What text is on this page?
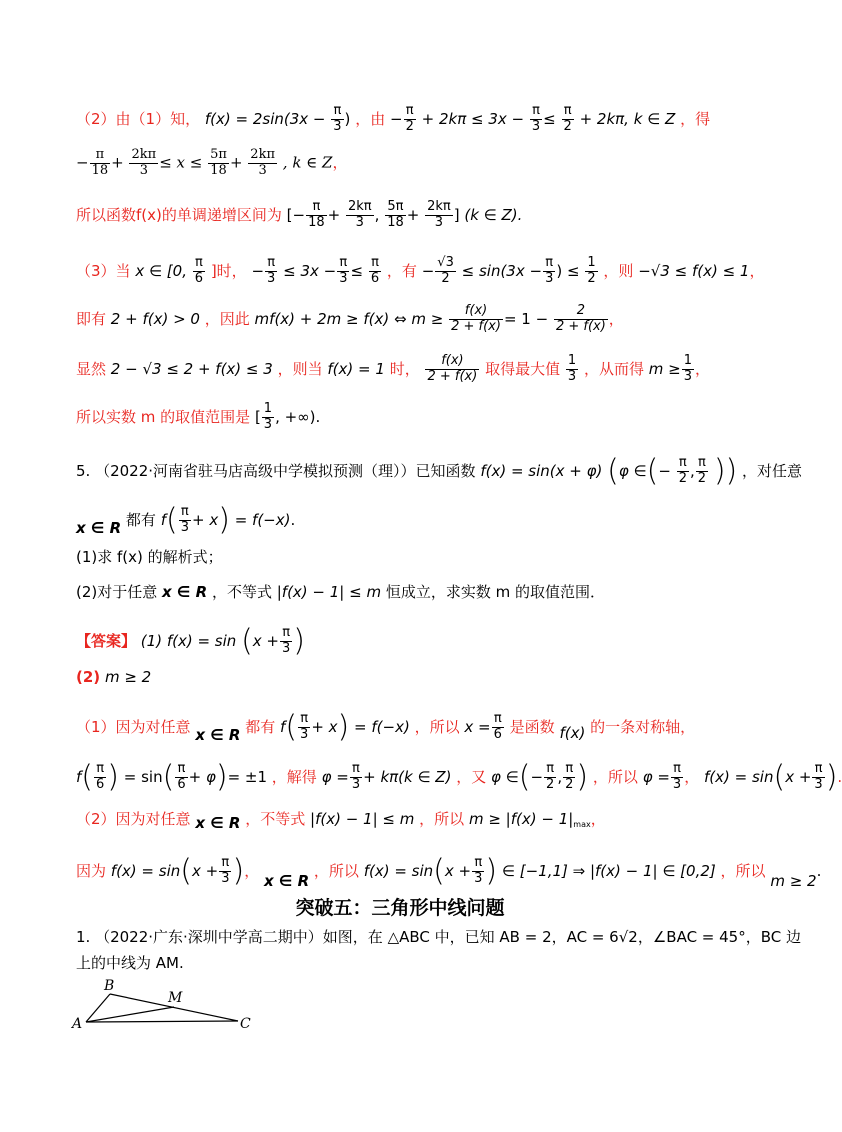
（2）由（1）知， $f(x) = 2\sin(3x - \frac{\pi}{3}$ ) ，由 − $\frac{\pi}{2} + 2k\pi \le 3x - \frac{\pi}{3} \le \frac{\pi}{2} + 2k\pi$, k ∈ Z ，得
− $\frac{\pi}{18} + \frac{2k\pi}{3} \le x \le \frac{5\pi}{18} + \frac{2k\pi}{3}$ , k ∈ Z，
所以函数f(x)的单调递增区间为 [− $\frac{\pi}{18} + \frac{2k\pi}{3}$ , $\frac{5\pi}{18} + \frac{2k\pi}{3}$ ] (k ∈ Z).
（3）当 x ∈ [0, $\frac{\pi}{6}$ ]时， − $\frac{\pi}{3} \le 3x - \frac{\pi}{3} \le \frac{\pi}{6}$ ，有 − $\frac{√3}{2} \le \sin(3x - \frac{\pi}{3}$ ) ≤ $\frac{1}{2}$ ，则 −√3 ≤ f(x) ≤ 1，
即有 2 + f(x) > 0 ，因此 mf(x) + 2m ≥ f(x) ⇔ $m \ge \frac{f(x)}{2 + f(x)} = 1 - \frac{2}{2 + f(x)}$ ，
显然 2 − √3 ≤ 2 + f(x) ≤ 3 ，则当 f(x) = 1 时， $\frac{f(x)}{2 + f(x)}$ 取得最大值 $\frac{1}{3}$ ，从而得 $m \ge \frac{1}{3}$ ，
所以实数 m 的取值范围是 [ $\frac{1}{3}$ , +∞).
5. （2022·河南省驻马店高级中学模拟预测（理））已知函数 f(x) = sin(x + φ) (φ ∈(− $\frac{\pi}{2}$ , $\frac{\pi}{2}$ )) ，对任意
x ∈ R 都有 $f( \frac{\pi}{3} + x) = f(-x)$.
(1)求 f(x) 的解析式；
(2)对于任意 x ∈ R ，不等式 |f(x) − 1| ≤ m 恒成立，求实数 m 的取值范围．
【答案】 (1) $f(x) = \sin (x + \frac{\pi}{3}$ )
(2) m ≥ 2
（1）因为对任意 x ∈ R 都有 $f( \frac{\pi}{3} + x) = f(-x)$ ，所以 $x = \frac{\pi}{6}$ 是函数 f(x) 的一条对称轴，
$f( \frac{\pi}{6}$ ) = $\sin( \frac{\pi}{6} + \varphi)= \pm 1$ ，解得 $\varphi = \frac{\pi}{3} + k\pi(k$ ∈ Z) ，又 φ ∈(− $\frac{\pi}{2}$ , $\frac{\pi}{2}$ ) ，所以 $\varphi = \frac{\pi}{3}$ ， $f(x) = \sin(x + \frac{\pi}{3}$ ).
（2）因为对任意 x ∈ R ，不等式 |f(x) − 1| ≤ m ，所以 $m \ge |f(x) - 1|_{max}$，
因为 $f(x) = \sin(x + \frac{\pi}{3}$ )， x ∈ R ，所以 $f(x) = \sin(x + \frac{\pi}{3}$ ) ∈ [−1,1] ⇒ |f(x) − 1| ∈ [0,2] ，所以 m ≥ 2.
突破五：三角形中线问题
1. （2022·广东·深圳中学高二期中）如图，在 △ABC 中，已知 AB = 2，AC = 6√2，∠BAC = 45°，BC 边
上的中线为 AM.
B
M
A	C
